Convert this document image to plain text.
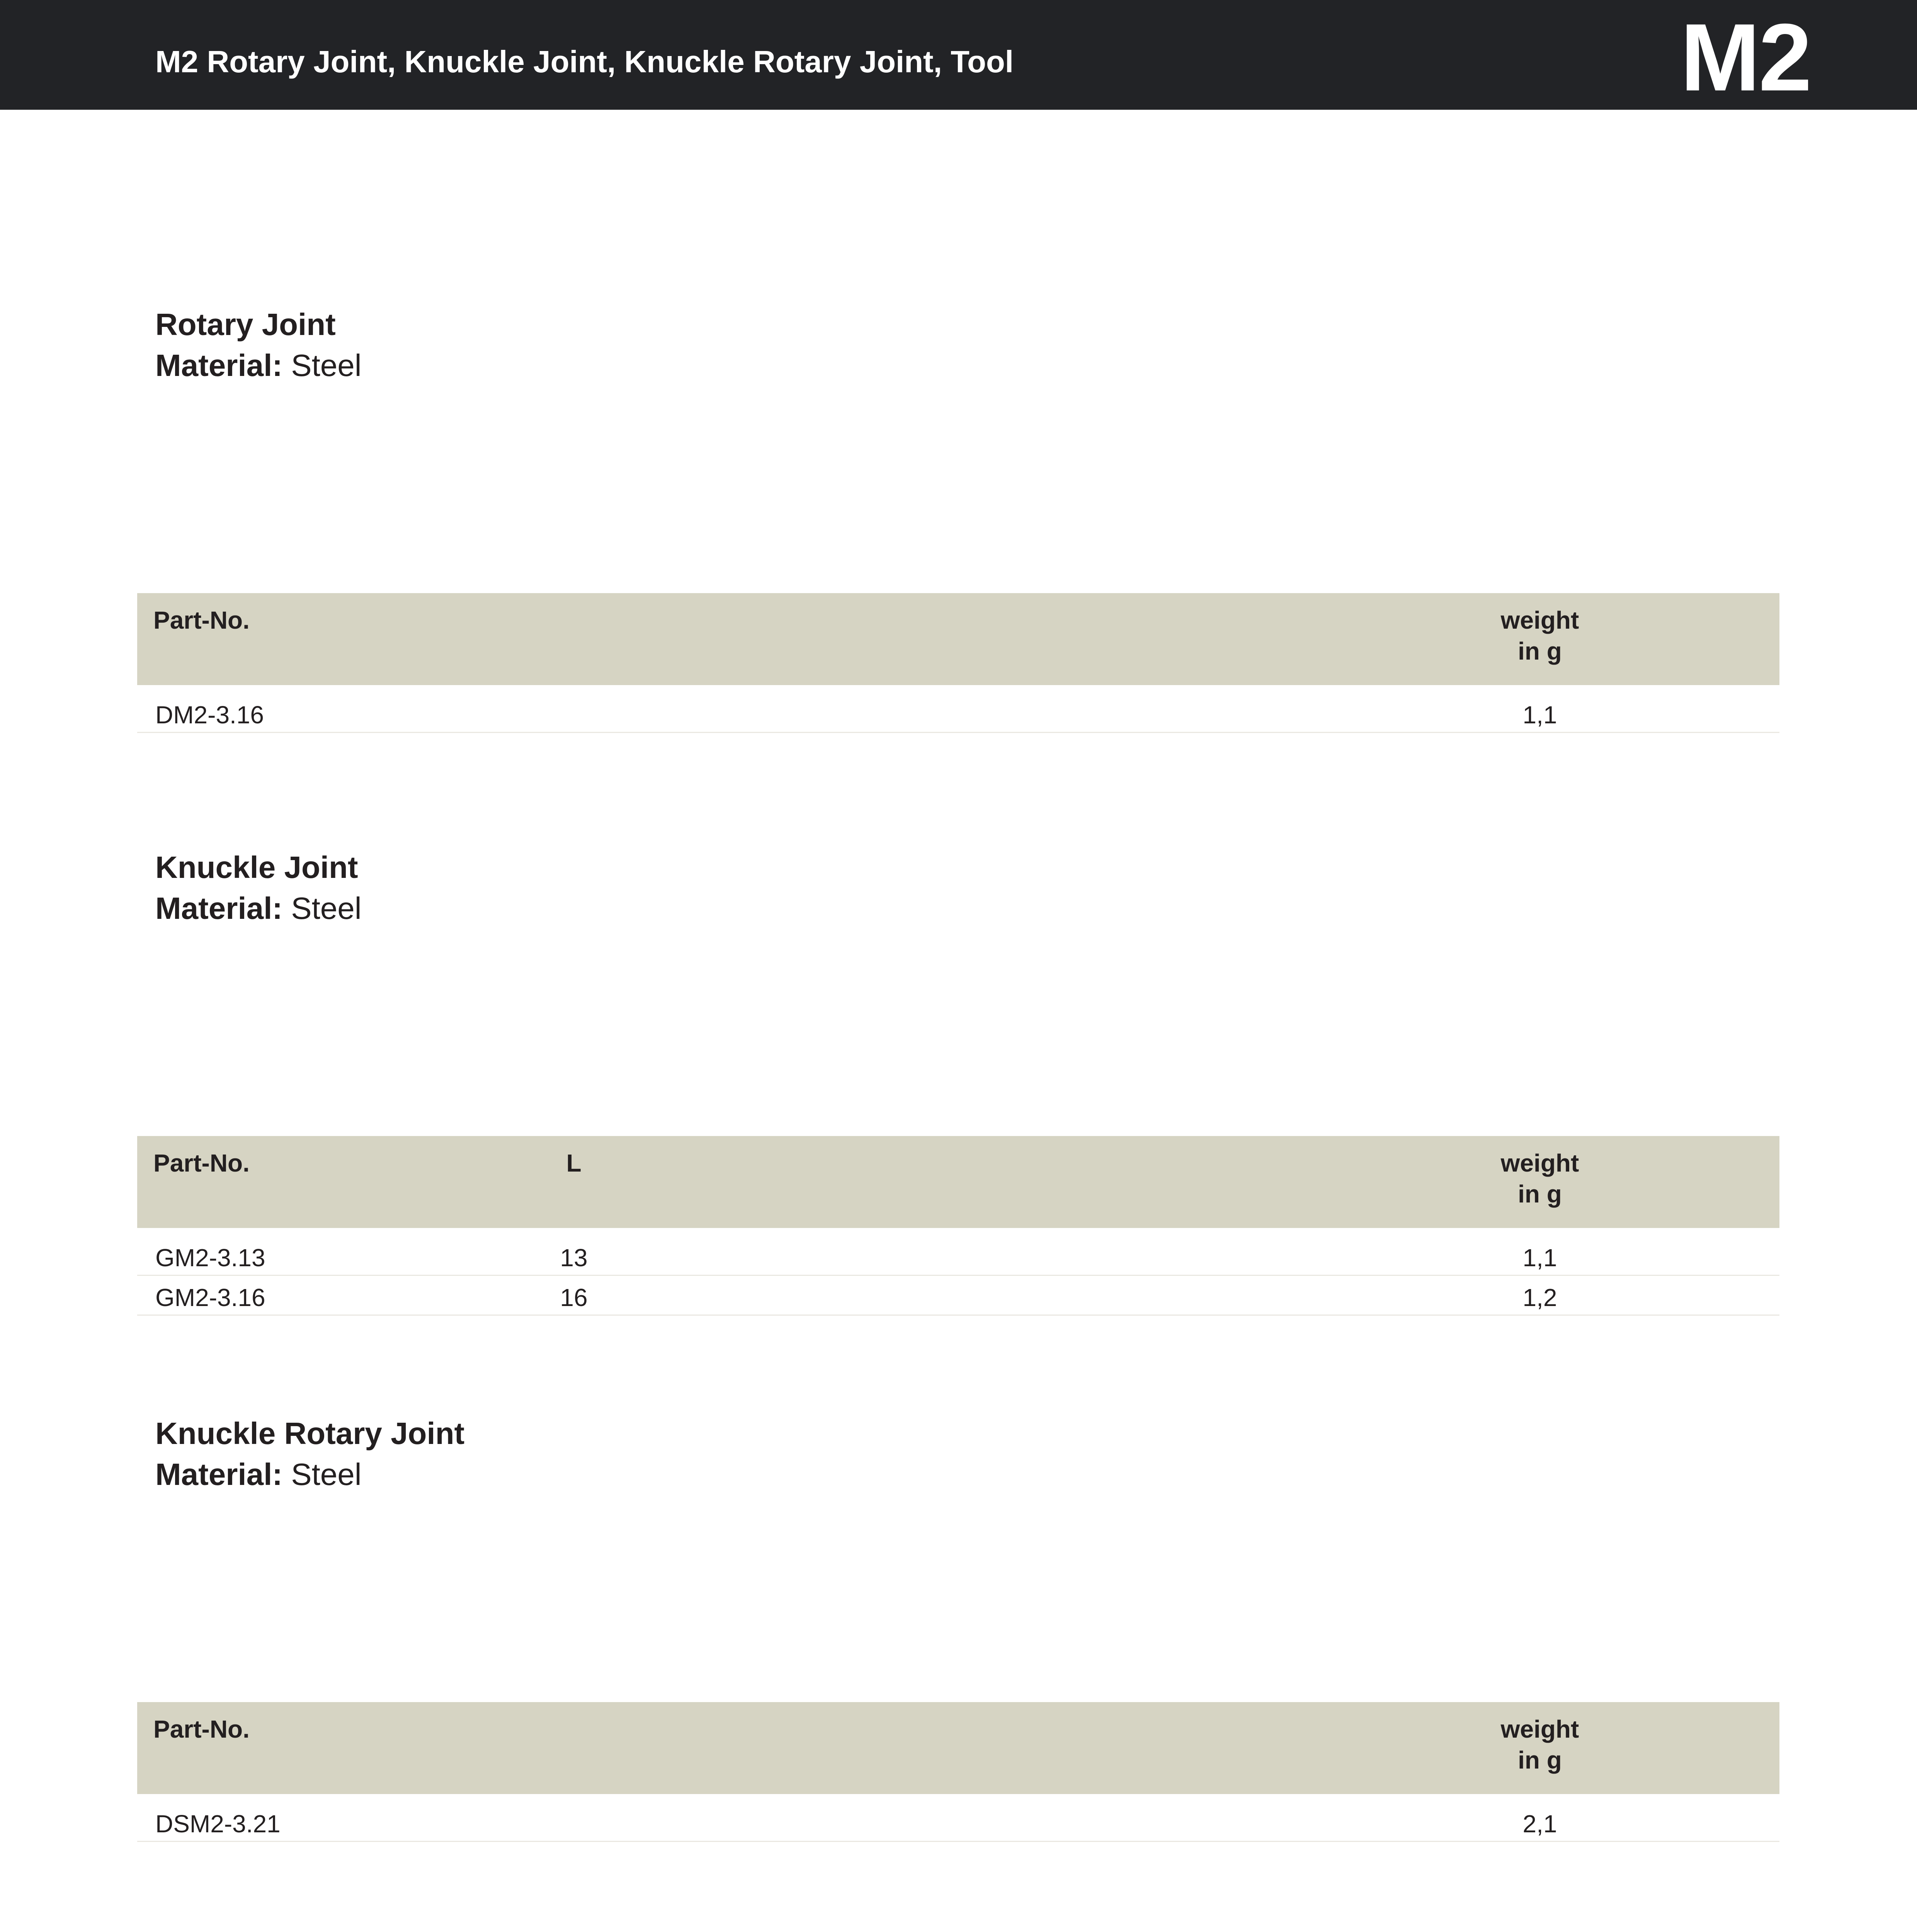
M2 Rotary Joint, Knuckle Joint, Knuckle Rotary Joint, Tool	M2
Rotary Joint
Material: Steel
Part-No.	weight
in g
DM2-3.16	1,1
Knuckle Joint
Material: Steel
Part-No.	L	weight
in g
GM2-3.13	13	1,1
GM2-3.16	16	1,2
Knuckle Rotary Joint
Material: Steel
Part-No.	weight
in g
DSM2-3.21	2,1
